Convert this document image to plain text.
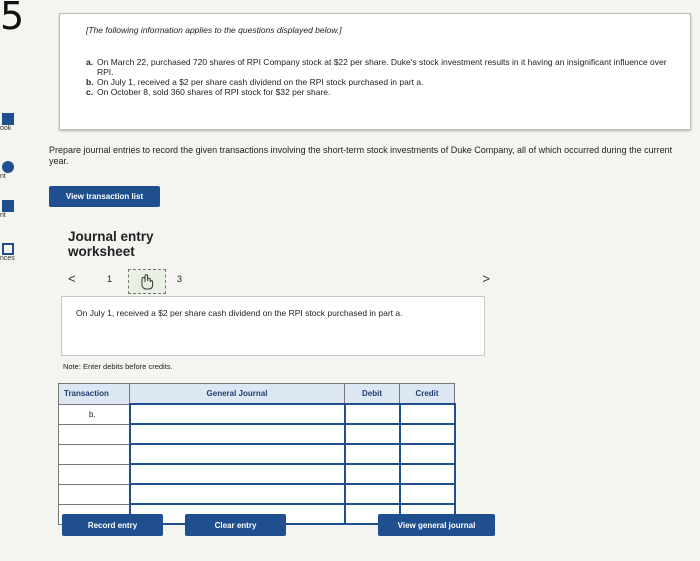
5
ook
nt
nt
nces
[The following information applies to the questions displayed below.]
a. On March 22, purchased 720 shares of RPI Company stock at $22 per share. Duke's stock investment results in it having an insignificant influence over RPI.
b. On July 1, received a $2 per share cash dividend on the RPI stock purchased in part a.
c. On October 8, sold 360 shares of RPI stock for $32 per share.
Prepare journal entries to record the given transactions involving the short-term stock investments of Duke Company, all of which occurred during the current year.
View transaction list
Journal entry worksheet
<	1	3	>
On July 1, received a $2 per share cash dividend on the RPI stock purchased in part a.
Note: Enter debits before credits.
Transaction	General Journal	Debit	Credit
b.			

Record entry	Clear entry	View general journal
